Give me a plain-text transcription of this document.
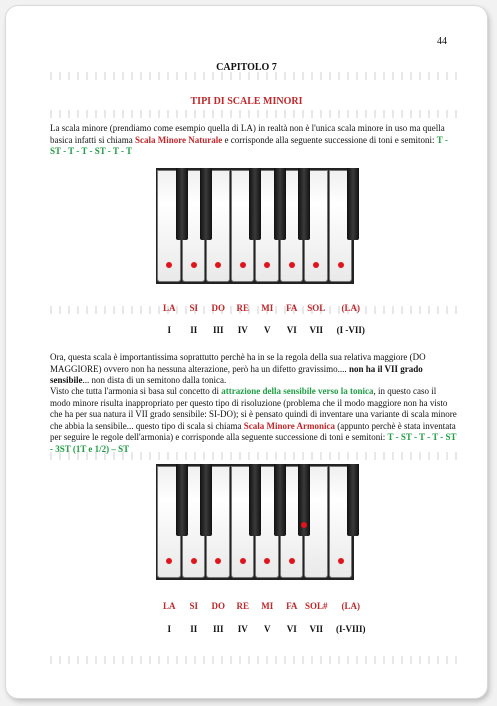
44
CAPITOLO 7
TIPI DI SCALE MINORI

La scala minore (prendiamo come esempio quella di LA) in realtà non è l'unica scala minore in uso ma quella basica infatti si chiama Scala Minore Naturale e corrisponde alla seguente successione di toni e semitoni: T - ST - T - T - ST - T - T

LA SI DO RE MI FA SOL (LA)
I II III IV V VI VII (I -VII)

Ora, questa scala è importantissima soprattutto perchè ha in se la regola della sua relativa maggiore (DO MAGGIORE) ovvero non ha nessuna alterazione, però ha un difetto gravissimo.... non ha il VII grado sensibile... non dista di un semitono dalla tonica.

Visto che tutta l'armonia si basa sul concetto di attrazione della sensibile verso la tonica, in questo caso il modo minore risulta inappropriato per questo tipo di risoluzione (problema che il modo maggiore non ha visto che ha per sua natura il VII grado sensibile: SI-DO); si è pensato quindi di inventare una variante di scala minore che abbia la sensibile... questo tipo di scala si chiama Scala Minore Armonica (appunto perchè è stata inventata per seguire le regole dell'armonia) e corrisponde alla seguente successione di toni e semitoni: T - ST - T - T - ST - 3ST (1T e 1/2) – ST

LA SI DO RE MI FA SOL# (LA)
I II III IV V VI VII (I-VIII)
